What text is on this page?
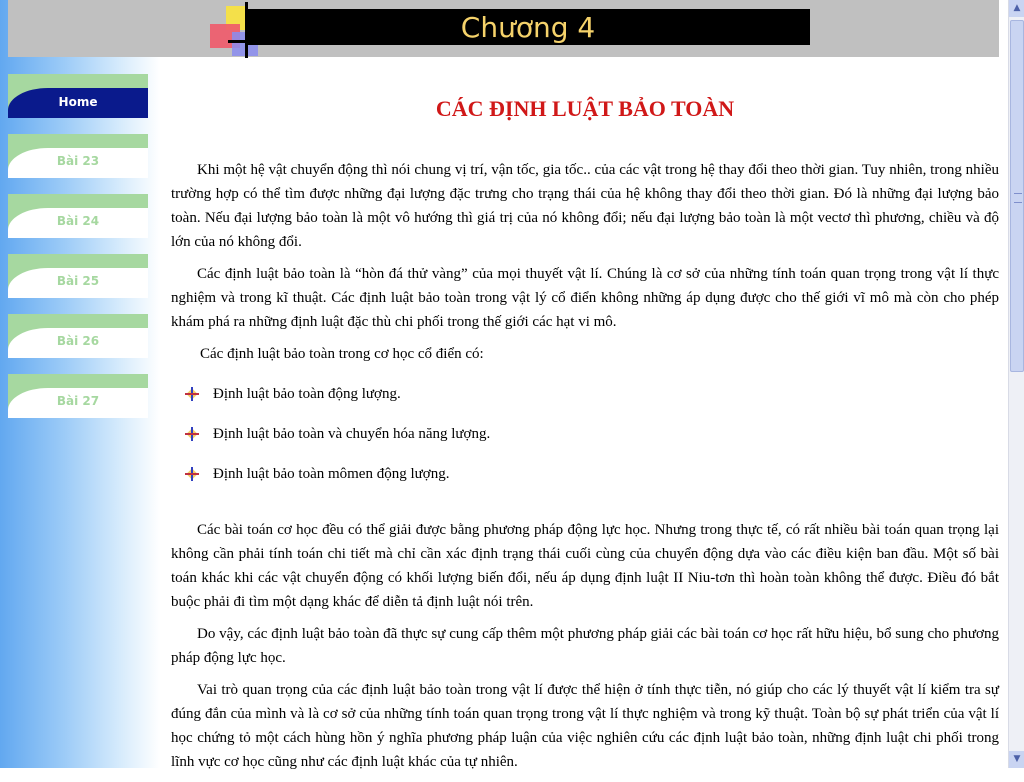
Chương 4
Home
Bài 23
Bài 24
Bài 25
Bài 26
Bài 27
CÁC ĐỊNH LUẬT BẢO TOÀN

Khi một hệ vật chuyển động thì nói chung vị trí, vận tốc, gia tốc.. của các vật trong hệ thay đổi theo thời gian. Tuy nhiên, trong nhiều trường hợp có thể tìm được những đại lượng đặc trưng cho trạng thái của hệ không thay đổi theo thời gian. Đó là những đại lượng bảo toàn. Nếu đại lượng bảo toàn là một vô hướng thì giá trị của nó không đổi; nếu đại lượng bảo toàn là một vectơ thì phương, chiều và độ lớn của nó không đổi.

Các định luật bảo toàn là “hòn đá thử vàng” của mọi thuyết vật lí. Chúng là cơ sở của những tính toán quan trọng trong vật lí thực nghiệm và trong kĩ thuật. Các định luật bảo toàn trong vật lý cổ điển không những áp dụng được cho thế giới vĩ mô mà còn cho phép khám phá ra những định luật đặc thù chi phối trong thế giới các hạt vi mô.

Các định luật bảo toàn trong cơ học cổ điển có:

Định luật bảo toàn động lượng.
Định luật bảo toàn và chuyển hóa năng lượng.
Định luật bảo toàn mômen động lượng.

Các bài toán cơ học đều có thể giải được bằng phương pháp động lực học. Nhưng trong thực tế, có rất nhiều bài toán quan trọng lại không cần phải tính toán chi tiết mà chỉ cần xác định trạng thái cuối cùng của chuyển động dựa vào các điều kiện ban đầu. Một số bài toán khác khi các vật chuyển động có khối lượng biến đổi, nếu áp dụng định luật II Niu-tơn thì hoàn toàn không thể được. Điều đó bắt buộc phải đi tìm một dạng khác để diễn tả định luật nói trên.

Do vậy, các định luật bảo toàn đã thực sự cung cấp thêm một phương pháp giải các bài toán cơ học rất hữu hiệu, bổ sung cho phương pháp động lực học.

Vai trò quan trọng của các định luật bảo toàn trong vật lí được thể hiện ở tính thực tiễn, nó giúp cho các lý thuyết vật lí kiểm tra sự đúng đắn của mình và là cơ sở của những tính toán quan trọng trong vật lí thực nghiệm và trong kỹ thuật. Toàn bộ sự phát triển của vật lí học chứng tỏ một cách hùng hồn ý nghĩa phương pháp luận của việc nghiên cứu các định luật bảo toàn, những định luật chi phối trong lĩnh vực cơ học cũng như các định luật khác của tự nhiên.

▲
▼
